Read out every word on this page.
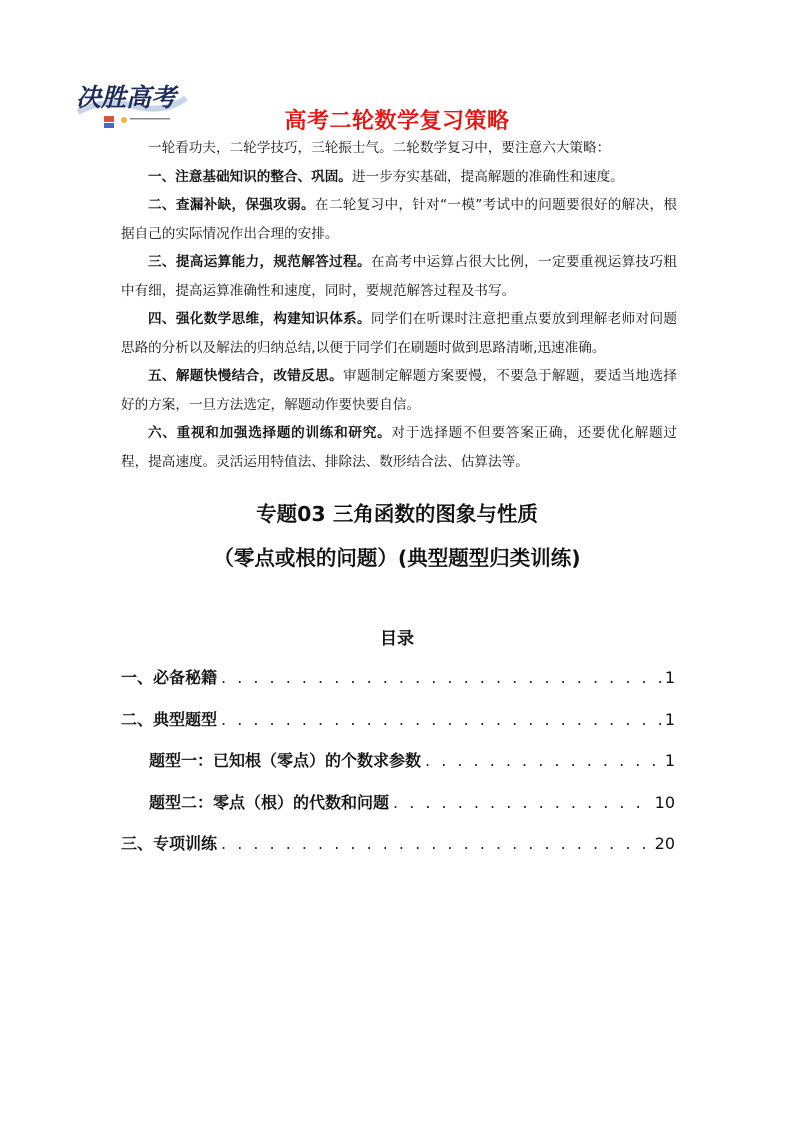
决胜高考
高考二轮数学复习策略

一轮看功夫，二轮学技巧，三轮振士气。二轮数学复习中，要注意六大策略：

一、注意基础知识的整合、巩固。进一步夯实基础，提高解题的准确性和速度。

二、查漏补缺，保强攻弱。在二轮复习中，针对“一模”考试中的问题要很好的解决，根据自己的实际情况作出合理的安排。

三、提高运算能力，规范解答过程。在高考中运算占很大比例，一定要重视运算技巧粗中有细，提高运算准确性和速度，同时，要规范解答过程及书写。

四、强化数学思维，构建知识体系。同学们在听课时注意把重点要放到理解老师对问题思路的分析以及解法的归纳总结,以便于同学们在刷题时做到思路清晰,迅速准确。

五、解题快慢结合，改错反思。审题制定解题方案要慢，不要急于解题，要适当地选择好的方案，一旦方法选定，解题动作要快要自信。

六、重视和加强选择题的训练和研究。对于选择题不但要答案正确，还要优化解题过程，提高速度。灵活运用特值法、排除法、数形结合法、估算法等。

专题03 三角函数的图象与性质
（零点或根的问题）(典型题型归类训练)
目录
一、必备秘籍 . . .	1
二、典型题型 . . .	1
题型一：已知根（零点）的个数求参数 . . .	1
题型二：零点（根）的代数和问题 . . .	10
三、专项训练 . . .	20
